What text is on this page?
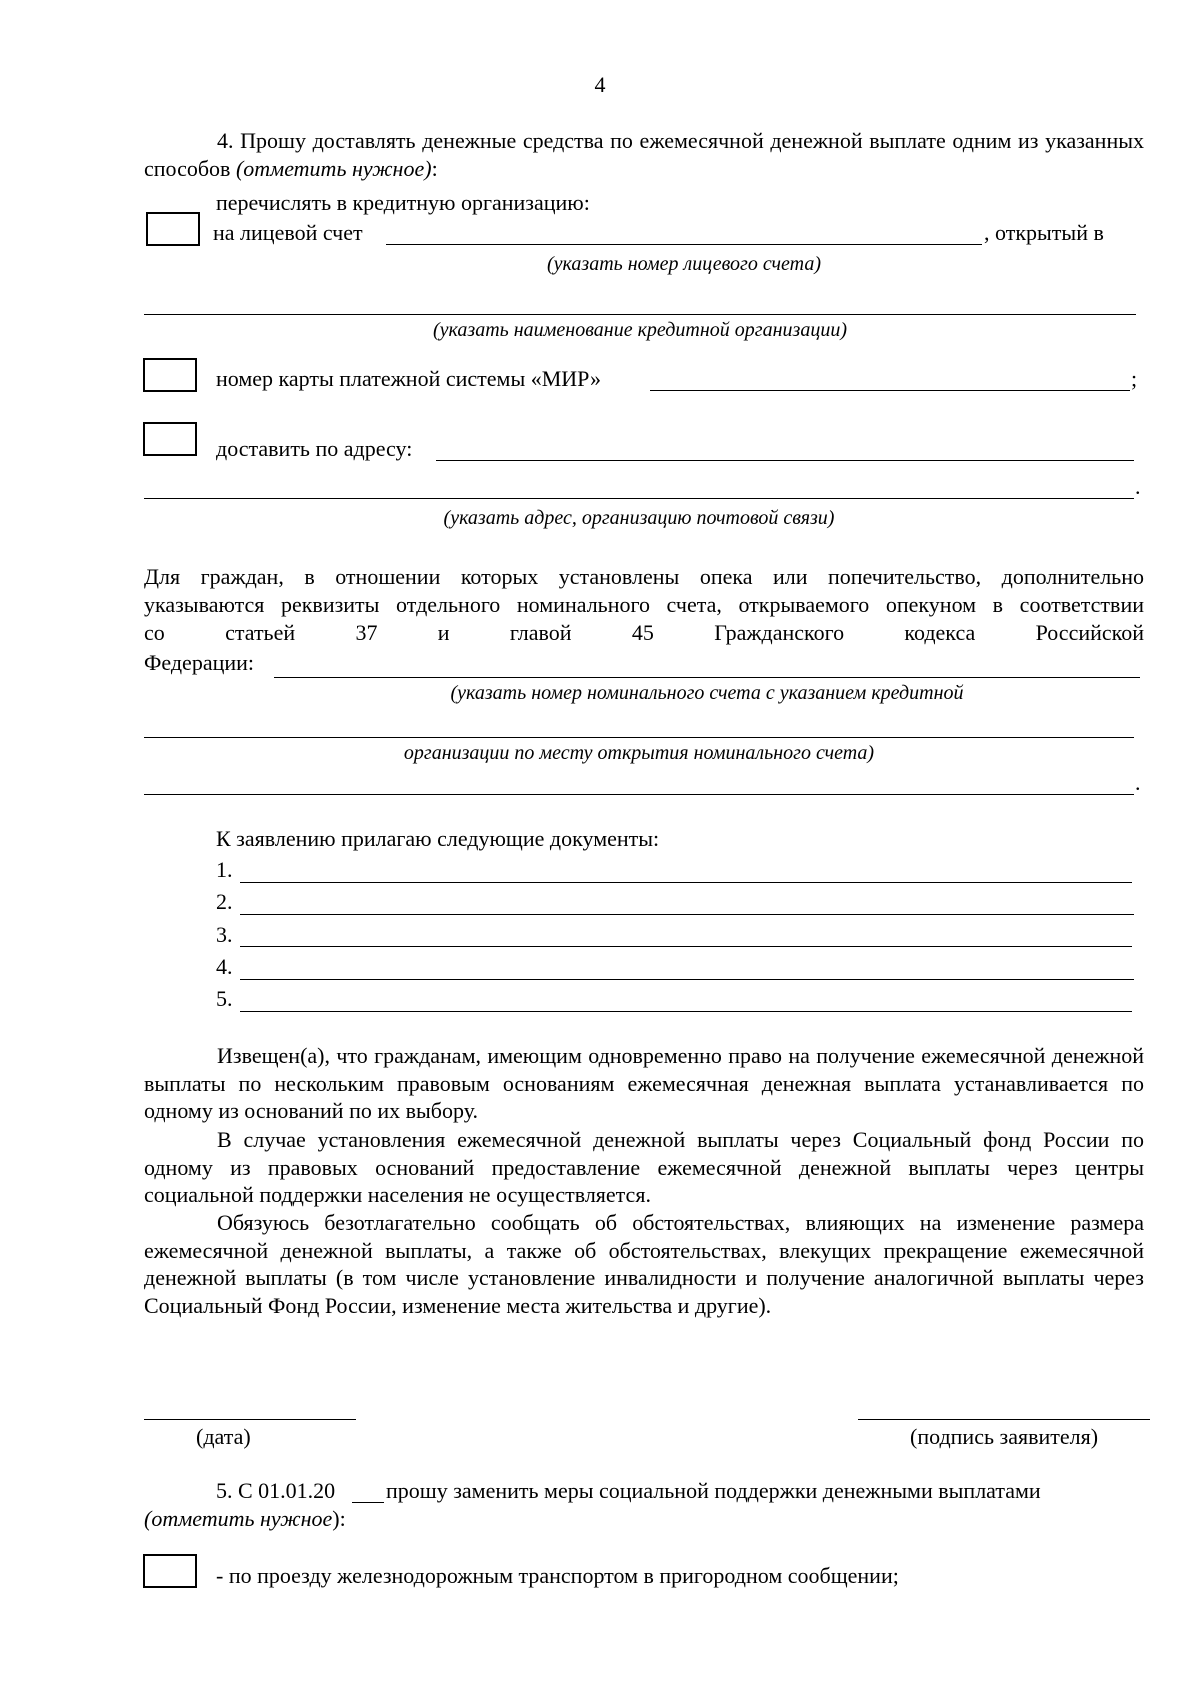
4
4. Прошу доставлять денежные средства по ежемесячной денежной выплате одним из указанных способов (отметить нужное):
перечислять в кредитную организацию:
на лицевой счет	, открытый в
(указать номер лицевого счета)
(указать наименование кредитной организации)
номер карты платежной системы «МИР»	;
доставить по адресу:
.
(указать адрес, организацию почтовой связи)
Для граждан, в отношении которых установлены опека или попечительство, дополнительно
указываются реквизиты отдельного номинального счета, открываемого опекуном в соответствии
со статьей 37 и главой 45 Гражданского кодекса Российской
Федерации:
(указать номер номинального счета с указанием кредитной
организации по месту открытия номинального счета)
.
К заявлению прилагаю следующие документы:
1.
2.
3.
4.
5.
Извещен(а), что гражданам, имеющим одновременно право на получение ежемесячной денежной выплаты по нескольким правовым основаниям ежемесячная денежная выплата устанавливается по одному из оснований по их выбору.
В случае установления ежемесячной денежной выплаты через Социальный фонд России по одному из правовых оснований предоставление ежемесячной денежной выплаты через центры социальной поддержки населения не осуществляется.
Обязуюсь безотлагательно сообщать об обстоятельствах, влияющих на изменение размера ежемесячной денежной выплаты, а также об обстоятельствах, влекущих прекращение ежемесячной денежной выплаты (в том числе установление инвалидности и получение аналогичной выплаты через Социальный Фонд России, изменение места жительства и другие).
(дата)	(подпись заявителя)
5. С 01.01.20 прошу заменить меры социальной поддержки денежными выплатами
(отметить нужное):
- по проезду железнодорожным транспортом в пригородном сообщении;
